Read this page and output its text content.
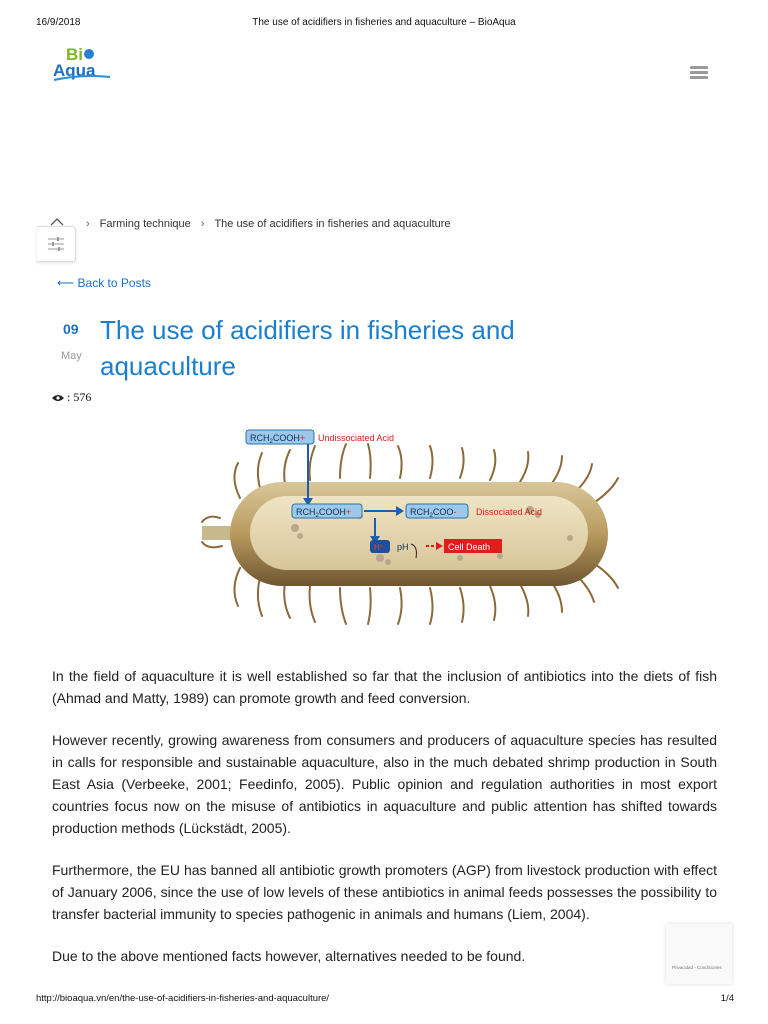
16/9/2018	The use of acidifiers in fisheries and aquaculture – BioAqua
Bi
Aqua
› Farming technique › The use of acidifiers in fisheries and aquaculture
⟵ Back to Posts
09
May
The use of acidifiers in fisheries and aquaculture
: 576
$RCH_2COOH+$ Undissociated Acid
$RCH_2COOH+$	$RCH_2COO-$ Dissociated Acid
H⁺ pH	Cell Death

In the field of aquaculture it is well established so far that the inclusion of antibiotics into the diets of fish (Ahmad and Matty, 1989) can promote growth and feed conversion.

However recently, growing awareness from consumers and producers of aquaculture species has resulted in calls for responsible and sustainable aquaculture, also in the much debated shrimp production in South East Asia (Verbeeke, 2001; Feedinfo, 2005). Public opinion and regulation authorities in most export countries focus now on the misuse of antibiotics in aquaculture and public attention has shifted towards production methods (Lückstädt, 2005).

Furthermore, the EU has banned all antibiotic growth promoters (AGP) from livestock production with effect of January 2006, since the use of low levels of these antibiotics in animal feeds possesses the possibility to transfer bacterial immunity to species pathogenic in animals and humans (Liem, 2004).

Due to the above mentioned facts however, alternatives needed to be found.

Privacidad - Condiciones
http://bioaqua.vn/en/the-use-of-acidifiers-in-fisheries-and-aquaculture/	1/4
